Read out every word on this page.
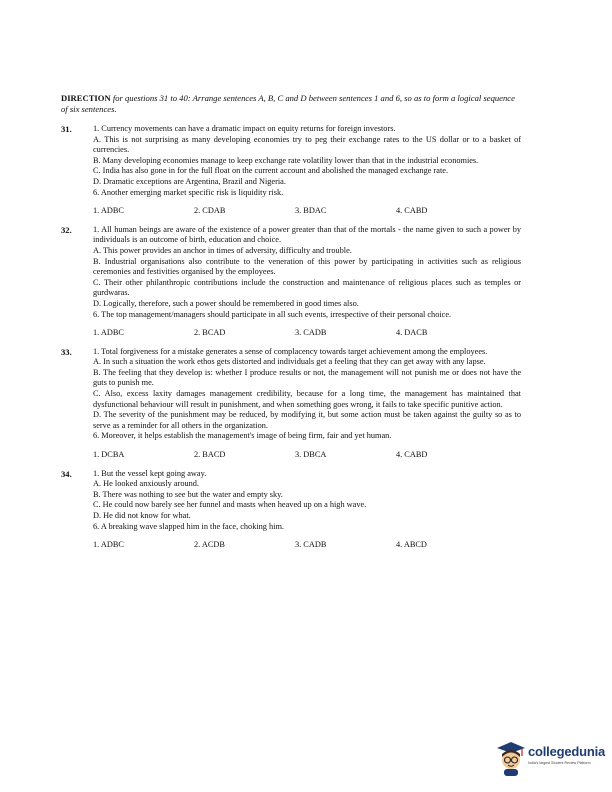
DIRECTION for questions 31 to 40: Arrange sentences A, B, C and D between sentences 1 and 6, so as to form a logical sequence of six sentences.
31.	1. Currency movements can have a dramatic impact on equity returns for foreign investors.
A. This is not surprising as many developing economies try to peg their exchange rates to the US dollar or to a basket of currencies.
B. Many developing economies manage to keep exchange rate volatility lower than that in the industrial economies.
C. India has also gone in for the full float on the current account and abolished the managed exchange rate.
D. Dramatic exceptions are Argentina, Brazil and Nigeria.
6. Another emerging market specific risk is liquidity risk.
1. ADBC	2. CDAB	3. BDAC	4. CABD
32.	1. All human beings are aware of the existence of a power greater than that of the mortals - the name given to such a power by individuals is an outcome of birth, education and choice.
A. This power provides an anchor in times of adversity, difficulty and trouble.
B. Industrial organisations also contribute to the veneration of this power by participating in activities such as religious ceremonies and festivities organised by the employees.
C. Their other philanthropic contributions include the construction and maintenance of religious places such as temples or gurdwaras.
D. Logically, therefore, such a power should be remembered in good times also.
6. The top management/managers should participate in all such events, irrespective of their personal choice.
1. ADBC	2. BCAD	3. CADB	4. DACB
33.	1. Total forgiveness for a mistake generates a sense of complacency towards target achievement among the employees.
A. In such a situation the work ethos gets distorted and individuals get a feeling that they can get away with any lapse.
B. The feeling that they develop is: whether I produce results or not, the management will not punish me or does not have the guts to punish me.
C. Also, excess laxity damages management credibility, because for a long time, the management has maintained that dysfunctional behaviour will result in punishment, and when something goes wrong, it fails to take specific punitive action.
D. The severity of the punishment may be reduced, by modifying it, but some action must be taken against the guilty so as to serve as a reminder for all others in the organization.
6. Moreover, it helps establish the management's image of being firm, fair and yet human.
1. DCBA	2. BACD	3. DBCA	4. CABD
34.	1. But the vessel kept going away.
A. He looked anxiously around.
B. There was nothing to see but the water and empty sky.
C. He could now barely see her funnel and masts when heaved up on a high wave.
D. He did not know for what.
6. A breaking wave slapped him in the face, choking him.
1. ADBC	2. ACDB	3. CADB	4. ABCD
collegedunia
India's largest Student Review Platform
